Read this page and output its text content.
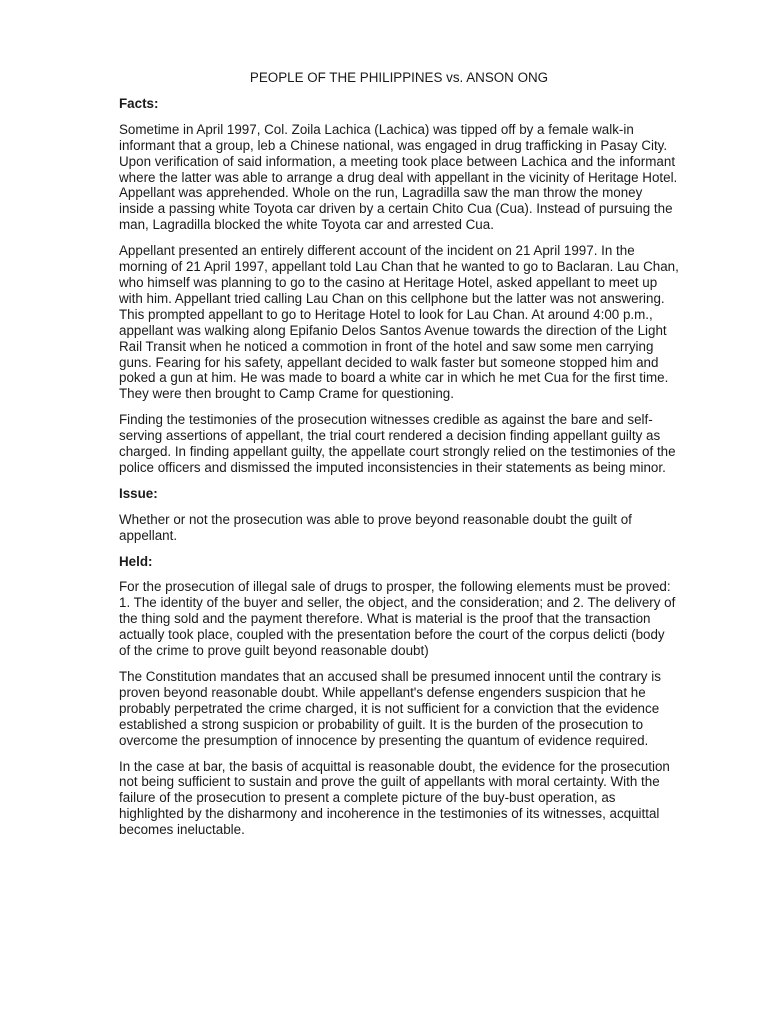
PEOPLE OF THE PHILIPPINES vs. ANSON ONG
Facts:

Sometime in April 1997, Col. Zoila Lachica (Lachica) was tipped off by a female walk-in informant that a group, leb a Chinese national, was engaged in drug trafficking in Pasay City. Upon verification of said information, a meeting took place between Lachica and the informant where the latter was able to arrange a drug deal with appellant in the vicinity of Heritage Hotel. Appellant was apprehended. Whole on the run, Lagradilla saw the man throw the money inside a passing white Toyota car driven by a certain Chito Cua (Cua). Instead of pursuing the man, Lagradilla blocked the white Toyota car and arrested Cua.

Appellant presented an entirely different account of the incident on 21 April 1997. In the morning of 21 April 1997, appellant told Lau Chan that he wanted to go to Baclaran. Lau Chan, who himself was planning to go to the casino at Heritage Hotel, asked appellant to meet up with him. Appellant tried calling Lau Chan on this cellphone but the latter was not answering. This prompted appellant to go to Heritage Hotel to look for Lau Chan. At around 4:00 p.m., appellant was walking along Epifanio Delos Santos Avenue towards the direction of the Light Rail Transit when he noticed a commotion in front of the hotel and saw some men carrying guns. Fearing for his safety, appellant decided to walk faster but someone stopped him and poked a gun at him. He was made to board a white car in which he met Cua for the first time. They were then brought to Camp Crame for questioning.

Finding the testimonies of the prosecution witnesses credible as against the bare and self-serving assertions of appellant, the trial court rendered a decision finding appellant guilty as charged. In finding appellant guilty, the appellate court strongly relied on the testimonies of the police officers and dismissed the imputed inconsistencies in their statements as being minor.

Issue:

Whether or not the prosecution was able to prove beyond reasonable doubt the guilt of appellant.

Held:

For the prosecution of illegal sale of drugs to prosper, the following elements must be proved: 1. The identity of the buyer and seller, the object, and the consideration; and 2. The delivery of the thing sold and the payment therefore. What is material is the proof that the transaction actually took place, coupled with the presentation before the court of the corpus delicti (body of the crime to prove guilt beyond reasonable doubt)

The Constitution mandates that an accused shall be presumed innocent until the contrary is proven beyond reasonable doubt. While appellant's defense engenders suspicion that he probably perpetrated the crime charged, it is not sufficient for a conviction that the evidence established a strong suspicion or probability of guilt. It is the burden of the prosecution to overcome the presumption of innocence by presenting the quantum of evidence required.

In the case at bar, the basis of acquittal is reasonable doubt, the evidence for the prosecution not being sufficient to sustain and prove the guilt of appellants with moral certainty. With the failure of the prosecution to present a complete picture of the buy-bust operation, as highlighted by the disharmony and incoherence in the testimonies of its witnesses, acquittal becomes ineluctable.
